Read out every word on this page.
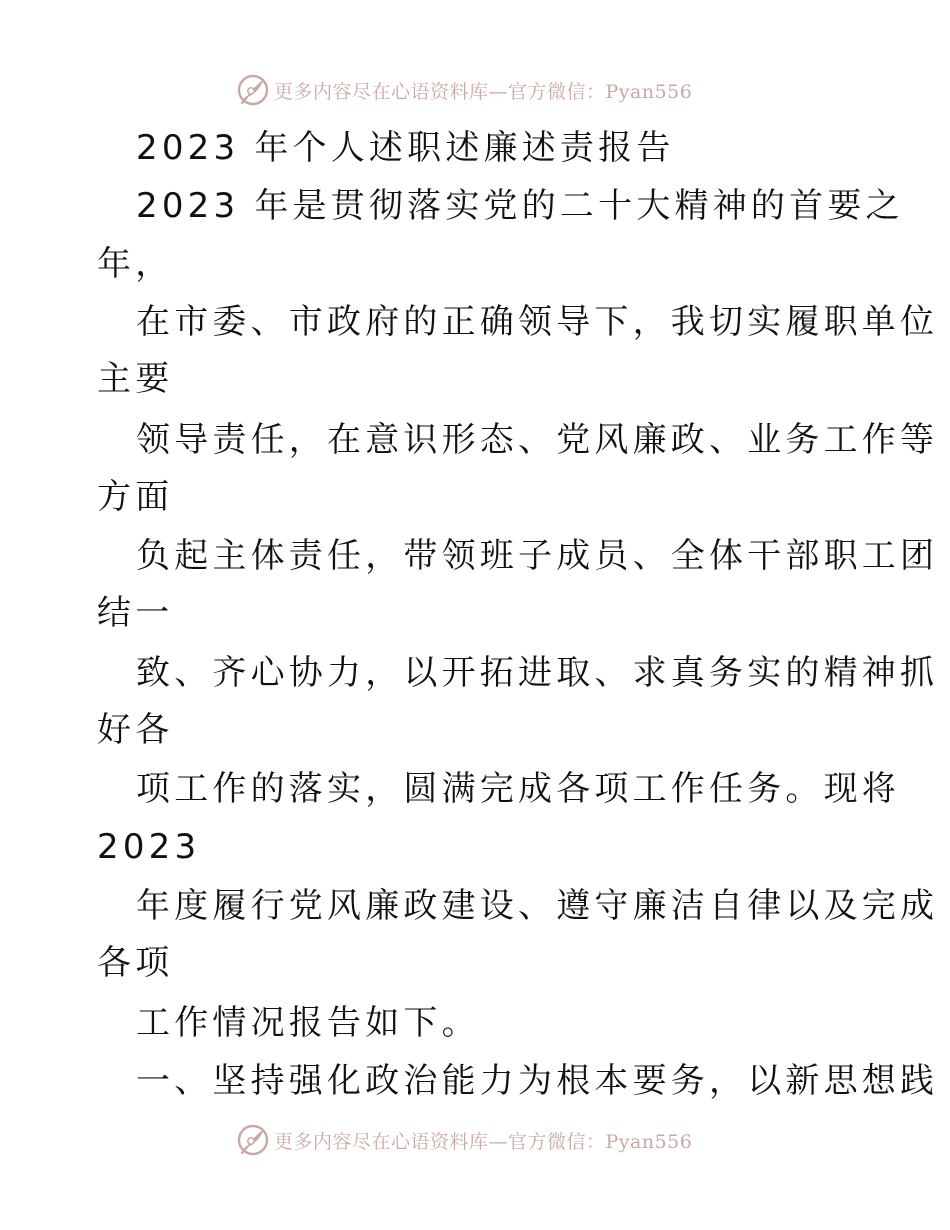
更多内容尽在心语资料库—官方微信：Pyan556

2023 年个人述职述廉述责报告

2023 年是贯彻落实党的二十大精神的首要之

年，

在市委、市政府的正确领导下，我切实履职单位

主要

领导责任，在意识形态、党风廉政、业务工作等

方面

负起主体责任，带领班子成员、全体干部职工团

结一

致、齐心协力，以开拓进取、求真务实的精神抓

好各

项工作的落实，圆满完成各项工作任务。现将

2023

年度履行党风廉政建设、遵守廉洁自律以及完成

各项

工作情况报告如下。

一、坚持强化政治能力为根本要务，以新思想践

更多内容尽在心语资料库—官方微信：Pyan556
